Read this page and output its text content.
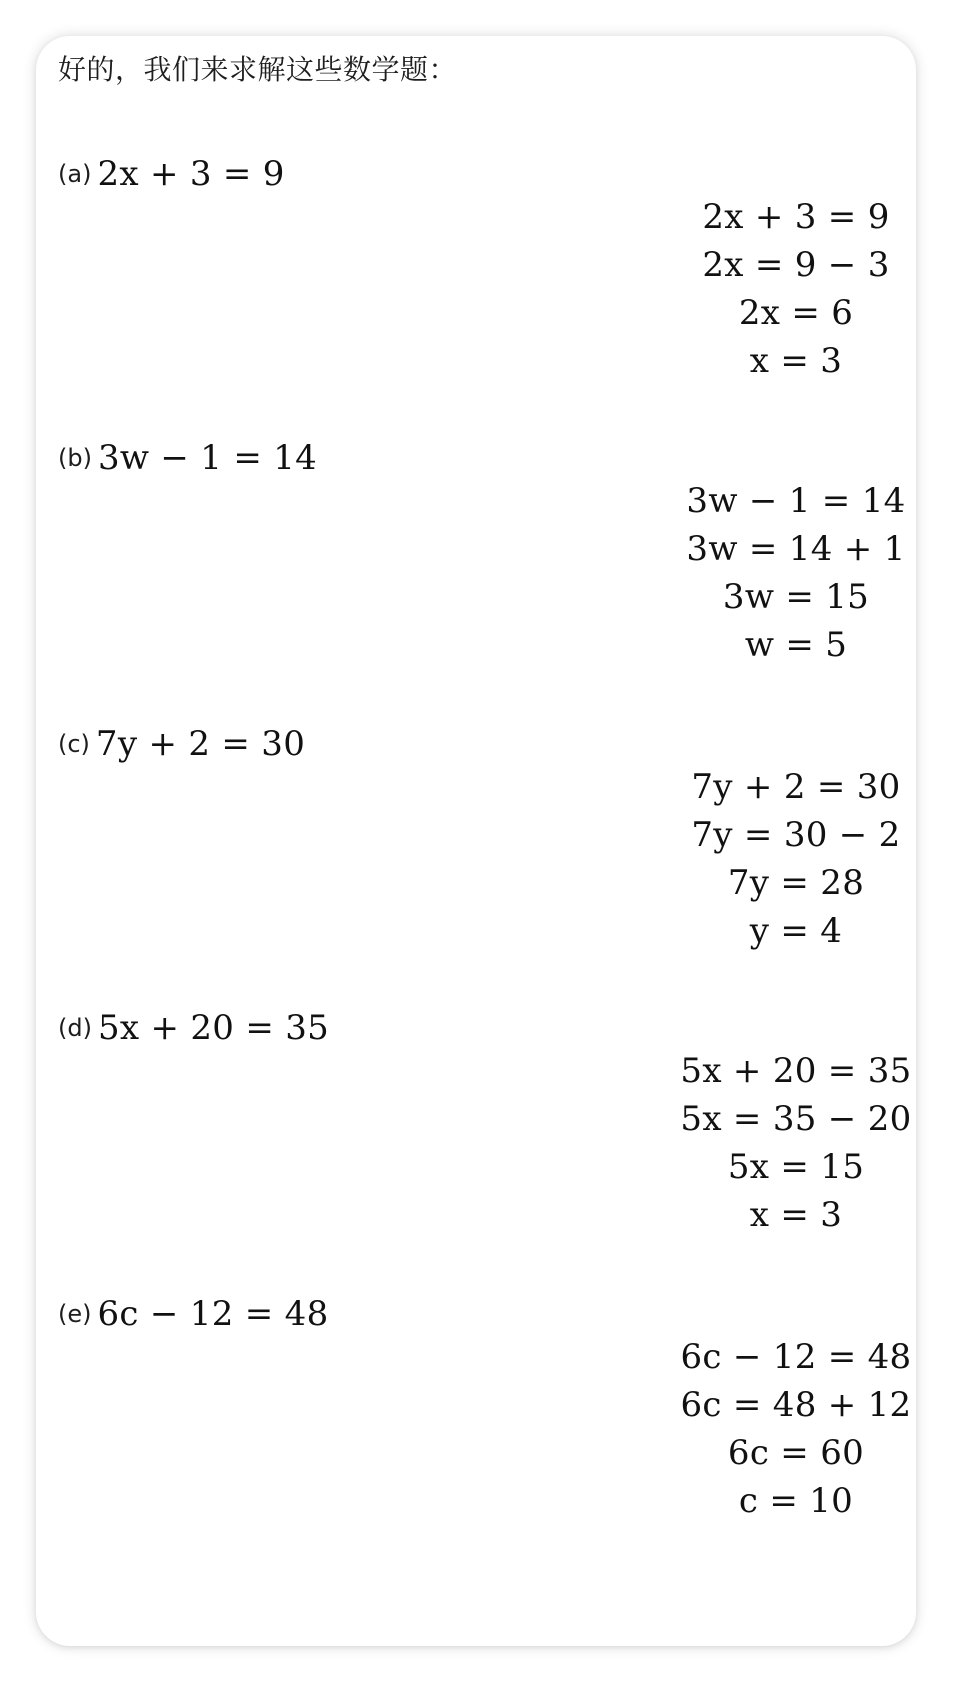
好的，我们来求解这些数学题：

(a) 2x + 3 = 9
2x + 3 = 9
2x = 9 − 3
2x = 6
x = 3
(b) 3w − 1 = 14
3w − 1 = 14
3w = 14 + 1
3w = 15
w = 5
(c) 7y + 2 = 30
7y + 2 = 30
7y = 30 − 2
7y = 28
y = 4
(d) 5x + 20 = 35
5x + 20 = 35
5x = 35 − 20
5x = 15
x = 3
(e) 6c − 12 = 48
6c − 12 = 48
6c = 48 + 12
6c = 60
c = 10
